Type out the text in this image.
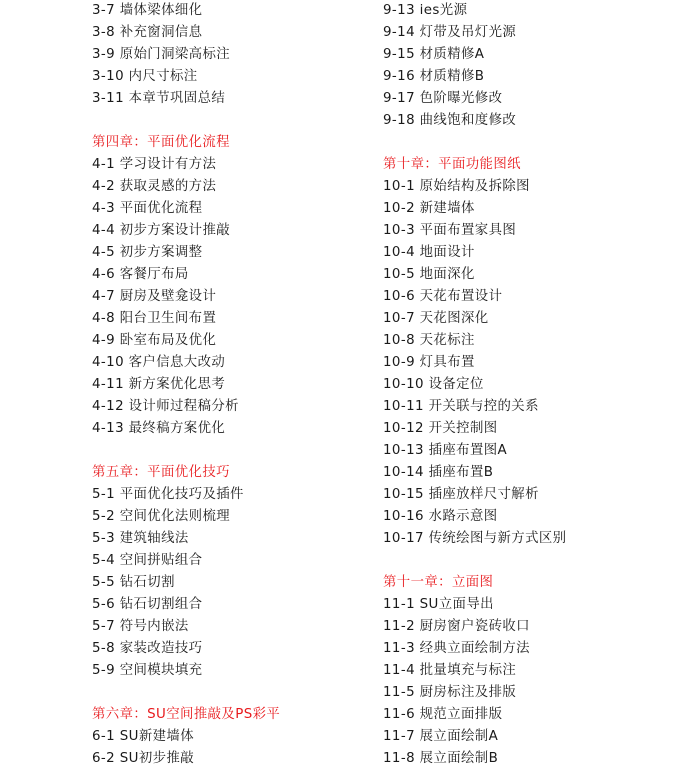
3-7 墙体梁体细化
3-8 补充窗洞信息
3-9 原始门洞梁高标注
3-10 内尺寸标注
3-11 本章节巩固总结
第四章：平面优化流程
4-1 学习设计有方法
4-2 获取灵感的方法
4-3 平面优化流程
4-4 初步方案设计推敲
4-5 初步方案调整
4-6 客餐厅布局
4-7 厨房及壁龛设计
4-8 阳台卫生间布置
4-9 卧室布局及优化
4-10 客户信息大改动
4-11 新方案优化思考
4-12 设计师过程稿分析
4-13 最终稿方案优化
第五章：平面优化技巧
5-1 平面优化技巧及插件
5-2 空间优化法则梳理
5-3 建筑轴线法
5-4 空间拼贴组合
5-5 钻石切割
5-6 钻石切割组合
5-7 符号内嵌法
5-8 家装改造技巧
5-9 空间模块填充
第六章：SU空间推敲及PS彩平
6-1 SU新建墙体
6-2 SU初步推敲
9-13 ies光源
9-14 灯带及吊灯光源
9-15 材质精修A
9-16 材质精修B
9-17 色阶曝光修改
9-18 曲线饱和度修改
第十章：平面功能图纸
10-1 原始结构及拆除图
10-2 新建墙体
10-3 平面布置家具图
10-4 地面设计
10-5 地面深化
10-6 天花布置设计
10-7 天花图深化
10-8 天花标注
10-9 灯具布置
10-10 设备定位
10-11 开关联与控的关系
10-12 开关控制图
10-13 插座布置图A
10-14 插座布置B
10-15 插座放样尺寸解析
10-16 水路示意图
10-17 传统绘图与新方式区别
第十一章：立面图
11-1 SU立面导出
11-2 厨房窗户瓷砖收口
11-3 经典立面绘制方法
11-4 批量填充与标注
11-5 厨房标注及排版
11-6 规范立面排版
11-7 展立面绘制A
11-8 展立面绘制B
